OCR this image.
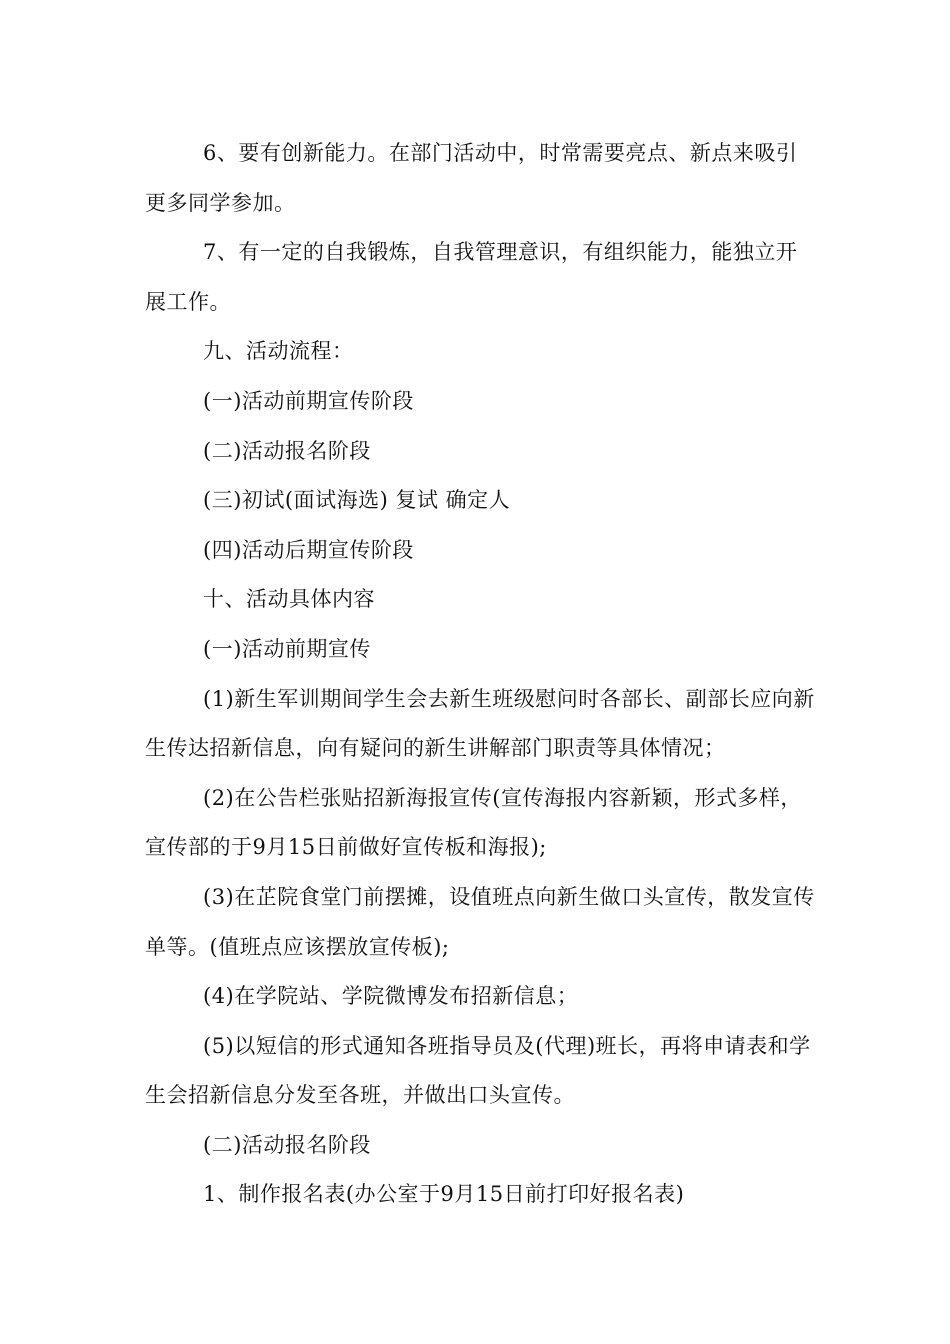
6、要有创新能力。在部门活动中，时常需要亮点、新点来吸引更多同学参加。

7、有一定的自我锻炼，自我管理意识，有组织能力，能独立开展工作。

九、活动流程：

(一)活动前期宣传阶段

(二)活动报名阶段

(三)初试(面试海选) 复试 确定人

(四)活动后期宣传阶段

十、活动具体内容

(一)活动前期宣传

(1)新生军训期间学生会去新生班级慰问时各部长、副部长应向新生传达招新信息，向有疑问的新生讲解部门职责等具体情况；

(2)在公告栏张贴招新海报宣传(宣传海报内容新颖，形式多样，宣传部的于9月15日前做好宣传板和海报);

(3)在芷院食堂门前摆摊，设值班点向新生做口头宣传，散发宣传单等。(值班点应该摆放宣传板);

(4)在学院站、学院微博发布招新信息；

(5)以短信的形式通知各班指导员及(代理)班长，再将申请表和学生会招新信息分发至各班，并做出口头宣传。

(二)活动报名阶段

1、制作报名表(办公室于9月15日前打印好报名表)
